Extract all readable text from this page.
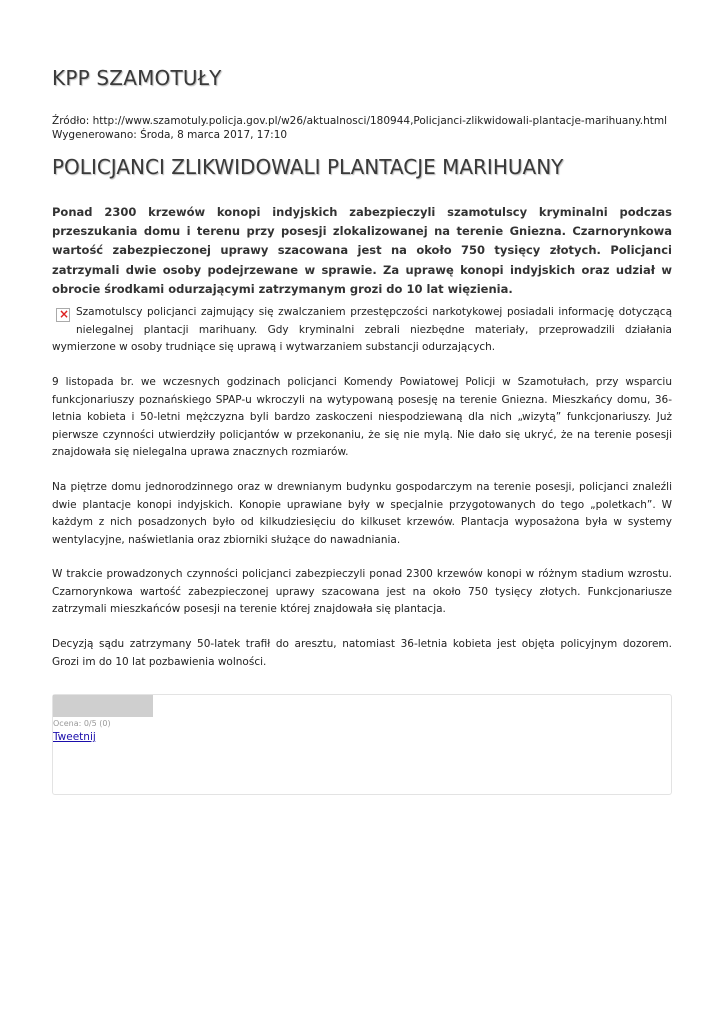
KPP SZAMOTUŁY
Źródło: http://www.szamotuly.policja.gov.pl/w26/aktualnosci/180944,Policjanci-zlikwidowali-plantacje-marihuany.html
Wygenerowano: Środa, 8 marca 2017, 17:10
POLICJANCI ZLIKWIDOWALI PLANTACJE MARIHUANY

Ponad 2300 krzewów konopi indyjskich zabezpieczyli szamotulscy kryminalni podczas przeszukania domu i terenu przy posesji zlokalizowanej na terenie Gniezna. Czarnorynkowa wartość zabezpieczonej uprawy szacowana jest na około 750 tysięcy złotych. Policjanci zatrzymali dwie osoby podejrzewane w sprawie. Za uprawę konopi indyjskich oraz udział w obrocie środkami odurzającymi zatrzymanym grozi do 10 lat więzienia.

×
Szamotulscy policjanci zajmujący się zwalczaniem przestępczości narkotykowej posiadali informację dotyczącą nielegalnej plantacji marihuany. Gdy kryminalni zebrali niezbędne materiały, przeprowadzili działania wymierzone w osoby trudniące się uprawą i wytwarzaniem substancji odurzających.

9 listopada br. we wczesnych godzinach policjanci Komendy Powiatowej Policji w Szamotułach, przy wsparciu funkcjonariuszy poznańskiego SPAP-u wkroczyli na wytypowaną posesję na terenie Gniezna. Mieszkańcy domu, 36-letnia kobieta i 50-letni mężczyzna byli bardzo zaskoczeni niespodziewaną dla nich „wizytą” funkcjonariuszy. Już pierwsze czynności utwierdziły policjantów w przekonaniu, że się nie mylą. Nie dało się ukryć, że na terenie posesji znajdowała się nielegalna uprawa znacznych rozmiarów.

Na piętrze domu jednorodzinnego oraz w drewnianym budynku gospodarczym na terenie posesji, policjanci znaleźli dwie plantacje konopi indyjskich. Konopie uprawiane były w specjalnie przygotowanych do tego „poletkach”. W każdym z nich posadzonych było od kilkudziesięciu do kilkuset krzewów. Plantacja wyposażona była w systemy wentylacyjne, naświetlania oraz zbiorniki służące do nawadniania.

W trakcie prowadzonych czynności policjanci zabezpieczyli ponad 2300 krzewów konopi w różnym stadium wzrostu. Czarnorynkowa wartość zabezpieczonej uprawy szacowana jest na około 750 tysięcy złotych. Funkcjonariusze zatrzymali mieszkańców posesji na terenie której znajdowała się plantacja.

Decyzją sądu zatrzymany 50-latek trafił do aresztu, natomiast 36-letnia kobieta jest objęta policyjnym dozorem. Grozi im do 10 lat pozbawienia wolności.

Ocena: 0/5 (0)
Tweetnij
